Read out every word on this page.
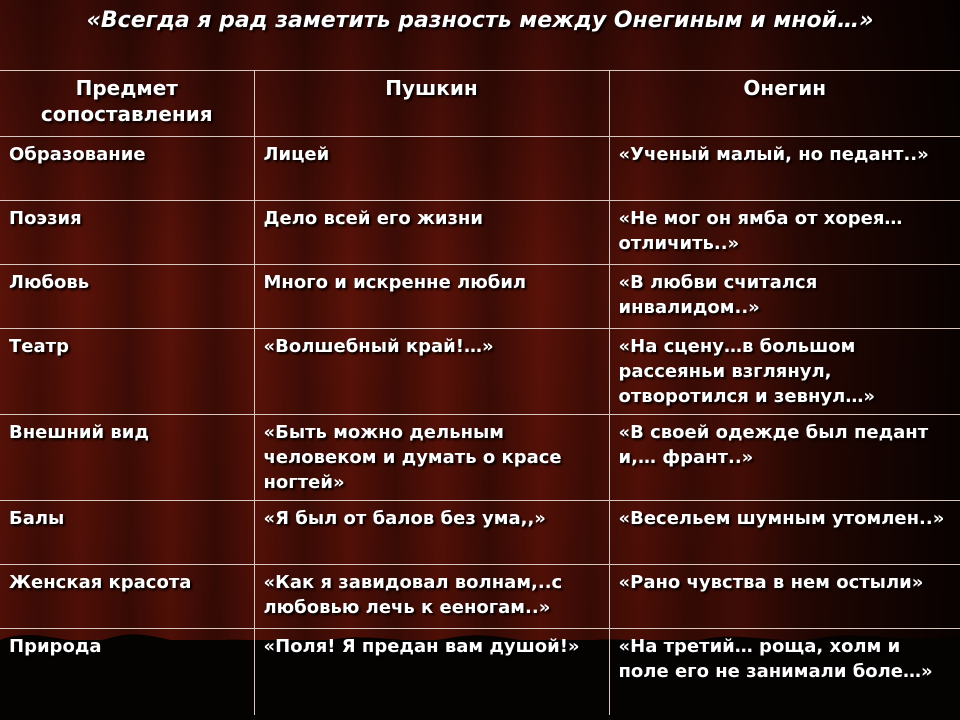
«Всегда я рад заметить разность между Онегиным и мной…»
Предмет сопоставления	Пушкин	Онегин
Образование	Лицей	«Ученый малый, но педант..»
Поэзия	Дело всей его жизни	«Не мог он ямба от хорея…отличить..»
Любовь	Много и искренне любил	«В любви считался инвалидом..»
Театр	«Волшебный край!…»	«На сцену…в большом рассеяньи взглянул, отворотился и зевнул…»
Внешний вид	«Быть можно дельным человеком и думать о красе ногтей»	«В своей одежде был педант и,… франт..»
Балы	«Я был от балов без ума,,»	«Весельем шумным утомлен..»
Женская красота	«Как я завидовал волнам,..с любовью лечь к ееногам..»	«Рано чувства в нем остыли»
Природа	«Поля! Я предан вам душой!»	«На третий… роща, холм и поле его не занимали боле…»
